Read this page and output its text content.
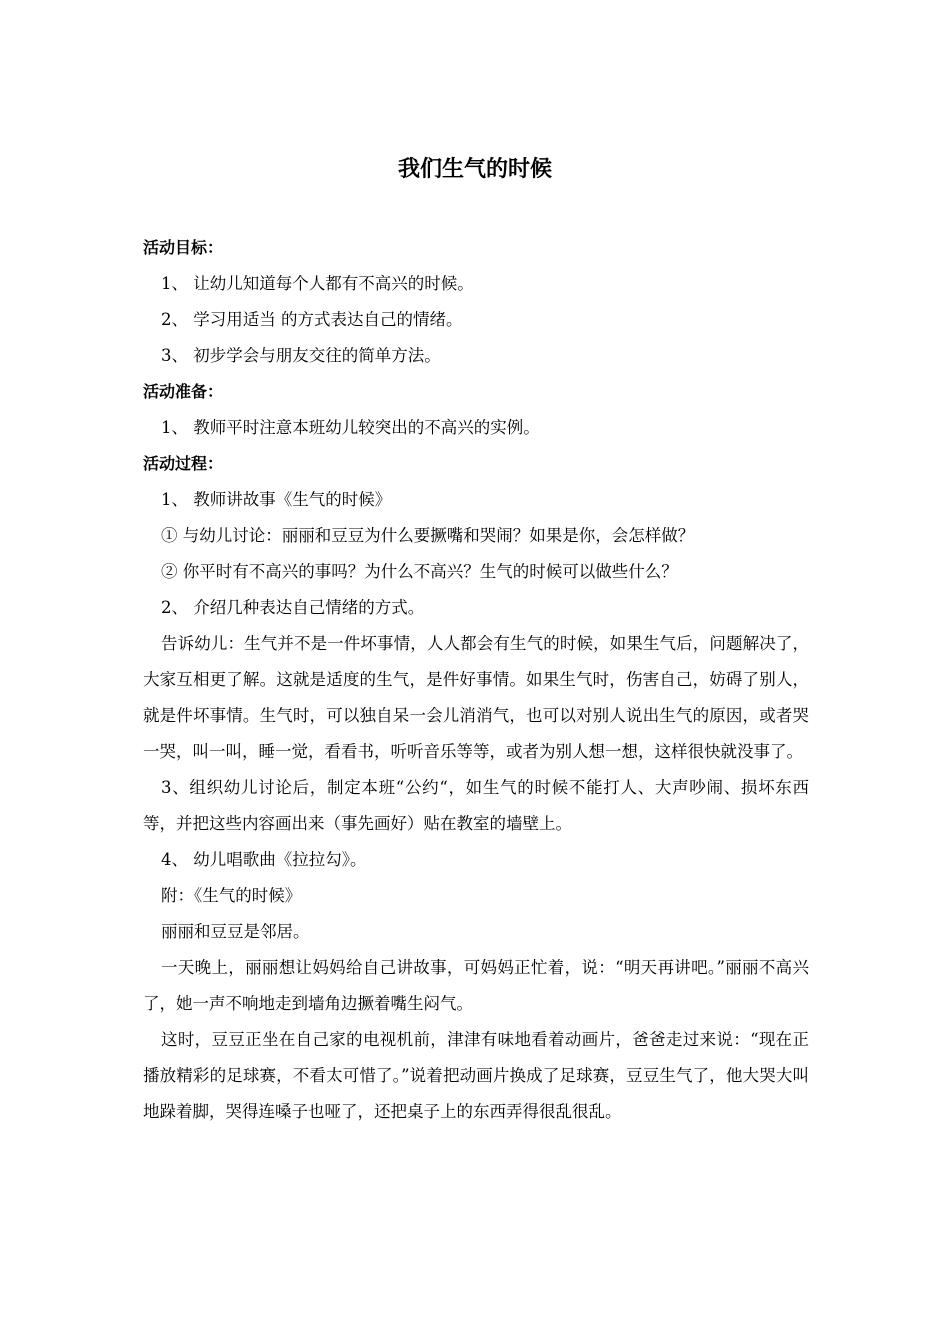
我们生气的时候
活动目标：
1、 让幼儿知道每个人都有不高兴的时候。
2、 学习用适当 的方式表达自己的情绪。
3、 初步学会与朋友交往的简单方法。
活动准备：
1、 教师平时注意本班幼儿较突出的不高兴的实例。
活动过程：
1、 教师讲故事《生气的时候》
① 与幼儿讨论：丽丽和豆豆为什么要撅嘴和哭闹？如果是你，会怎样做？
② 你平时有不高兴的事吗？为什么不高兴？生气的时候可以做些什么？
2、 介绍几种表达自己情绪的方式。
告诉幼儿：生气并不是一件坏事情，人人都会有生气的时候，如果生气后，问题解决了，大家互相更了解。这就是适度的生气，是件好事情。如果生气时，伤害自己，妨碍了别人，就是件坏事情。生气时，可以独自呆一会儿消消气，也可以对别人说出生气的原因，或者哭一哭，叫一叫，睡一觉，看看书，听听音乐等等，或者为别人想一想，这样很快就没事了。
3、组织幼儿讨论后，制定本班“公约“，如生气的时候不能打人、大声吵闹、损坏东西等，并把这些内容画出来（事先画好）贴在教室的墙壁上。
4、 幼儿唱歌曲《拉拉勾》。
附：《生气的时候》
丽丽和豆豆是邻居。
一天晚上，丽丽想让妈妈给自己讲故事，可妈妈正忙着，说：“明天再讲吧。”丽丽不高兴了，她一声不响地走到墙角边撅着嘴生闷气。
这时，豆豆正坐在自己家的电视机前，津津有味地看着动画片，爸爸走过来说：“现在正播放精彩的足球赛，不看太可惜了。”说着把动画片换成了足球赛，豆豆生气了，他大哭大叫地跺着脚，哭得连嗓子也哑了，还把桌子上的东西弄得很乱很乱。
